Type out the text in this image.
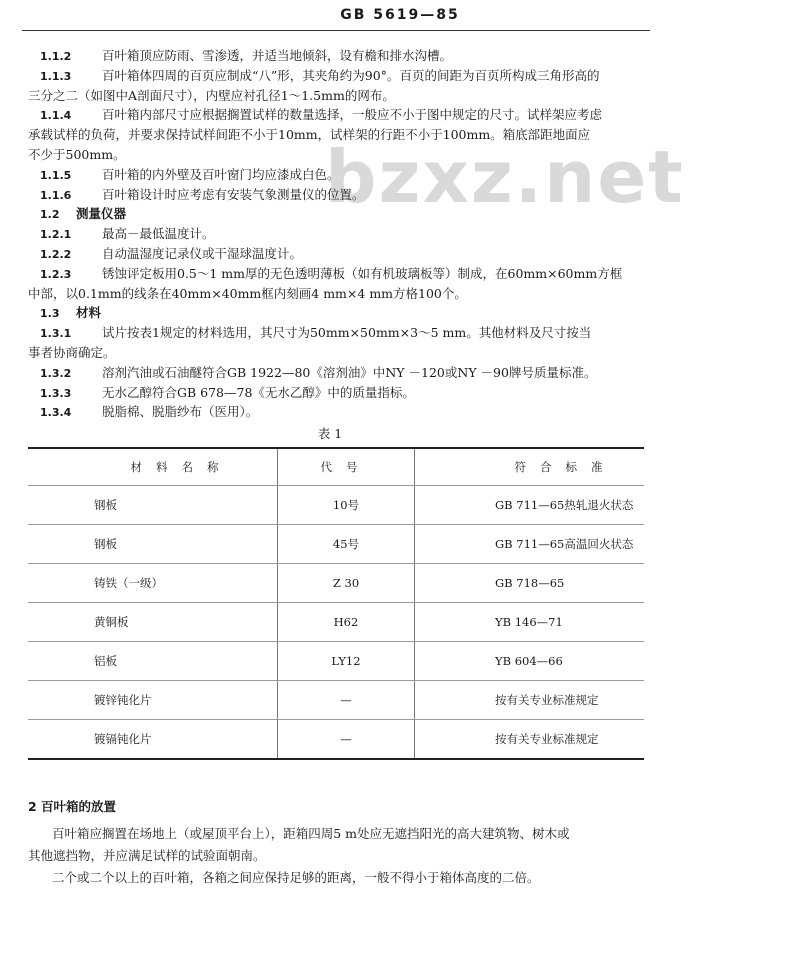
GB 5619—85
bzxz.net
1.1.2 百叶箱顶应防雨、雪渗透，并适当地倾斜，设有檐和排水沟槽。
1.1.3 百叶箱体四周的百页应制成“八”形，其夹角约为90°。百页的间距为百页所构成三角形高的
三分之二（如图中A剖面尺寸），内壁应衬孔径1～1.5mm的网布。
1.1.4 百叶箱内部尺寸应根据搁置试样的数量选择，一般应不小于图中规定的尺寸。试样架应考虑
承载试样的负荷，并要求保持试样间距不小于10mm，试样架的行距不小于100mm。箱底部距地面应
不少于500mm。
1.1.5 百叶箱的内外壁及百叶窗门均应漆成白色。
1.1.6 百叶箱设计时应考虑有安装气象测量仪的位置。
1.2 测量仪器
1.2.1 最高－最低温度计。
1.2.2 自动温湿度记录仪或干湿球温度计。
1.2.3 锈蚀评定板用0.5～1 mm厚的无色透明薄板（如有机玻璃板等）制成，在60mm×60mm方框
中部，以0.1mm的线条在40mm×40mm框内刻画4 mm×4 mm方格100个。
1.3 材料
1.3.1 试片按表1规定的材料选用，其尺寸为50mm×50mm×3～5 mm。其他材料及尺寸按当
事者协商确定。
1.3.2 溶剂汽油或石油醚符合GB 1922—80《溶剂油》中NY －120或NY －90牌号质量标准。
1.3.3 无水乙醇符合GB 678—78《无水乙醇》中的质量指标。
1.3.4 脱脂棉、脱脂纱布（医用）。
表 1
材料名称	代号	符合标准
钢板	10号	GB 711—65热轧退火状态
钢板	45号	GB 711—65高温回火状态
铸铁（一级）	Z 30	GB 718—65
黄铜板	H62	YB 146—71
铝板	LY12	YB 604—66
镀锌钝化片	—	按有关专业标准规定
镀镉钝化片	—	按有关专业标准规定
2 百叶箱的放置
百叶箱应搁置在场地上（或屋顶平台上），距箱四周5 m处应无遮挡阳光的高大建筑物、树木或
其他遮挡物，并应满足试样的试验面朝南。
二个或二个以上的百叶箱，各箱之间应保持足够的距离，一般不得小于箱体高度的二倍。
